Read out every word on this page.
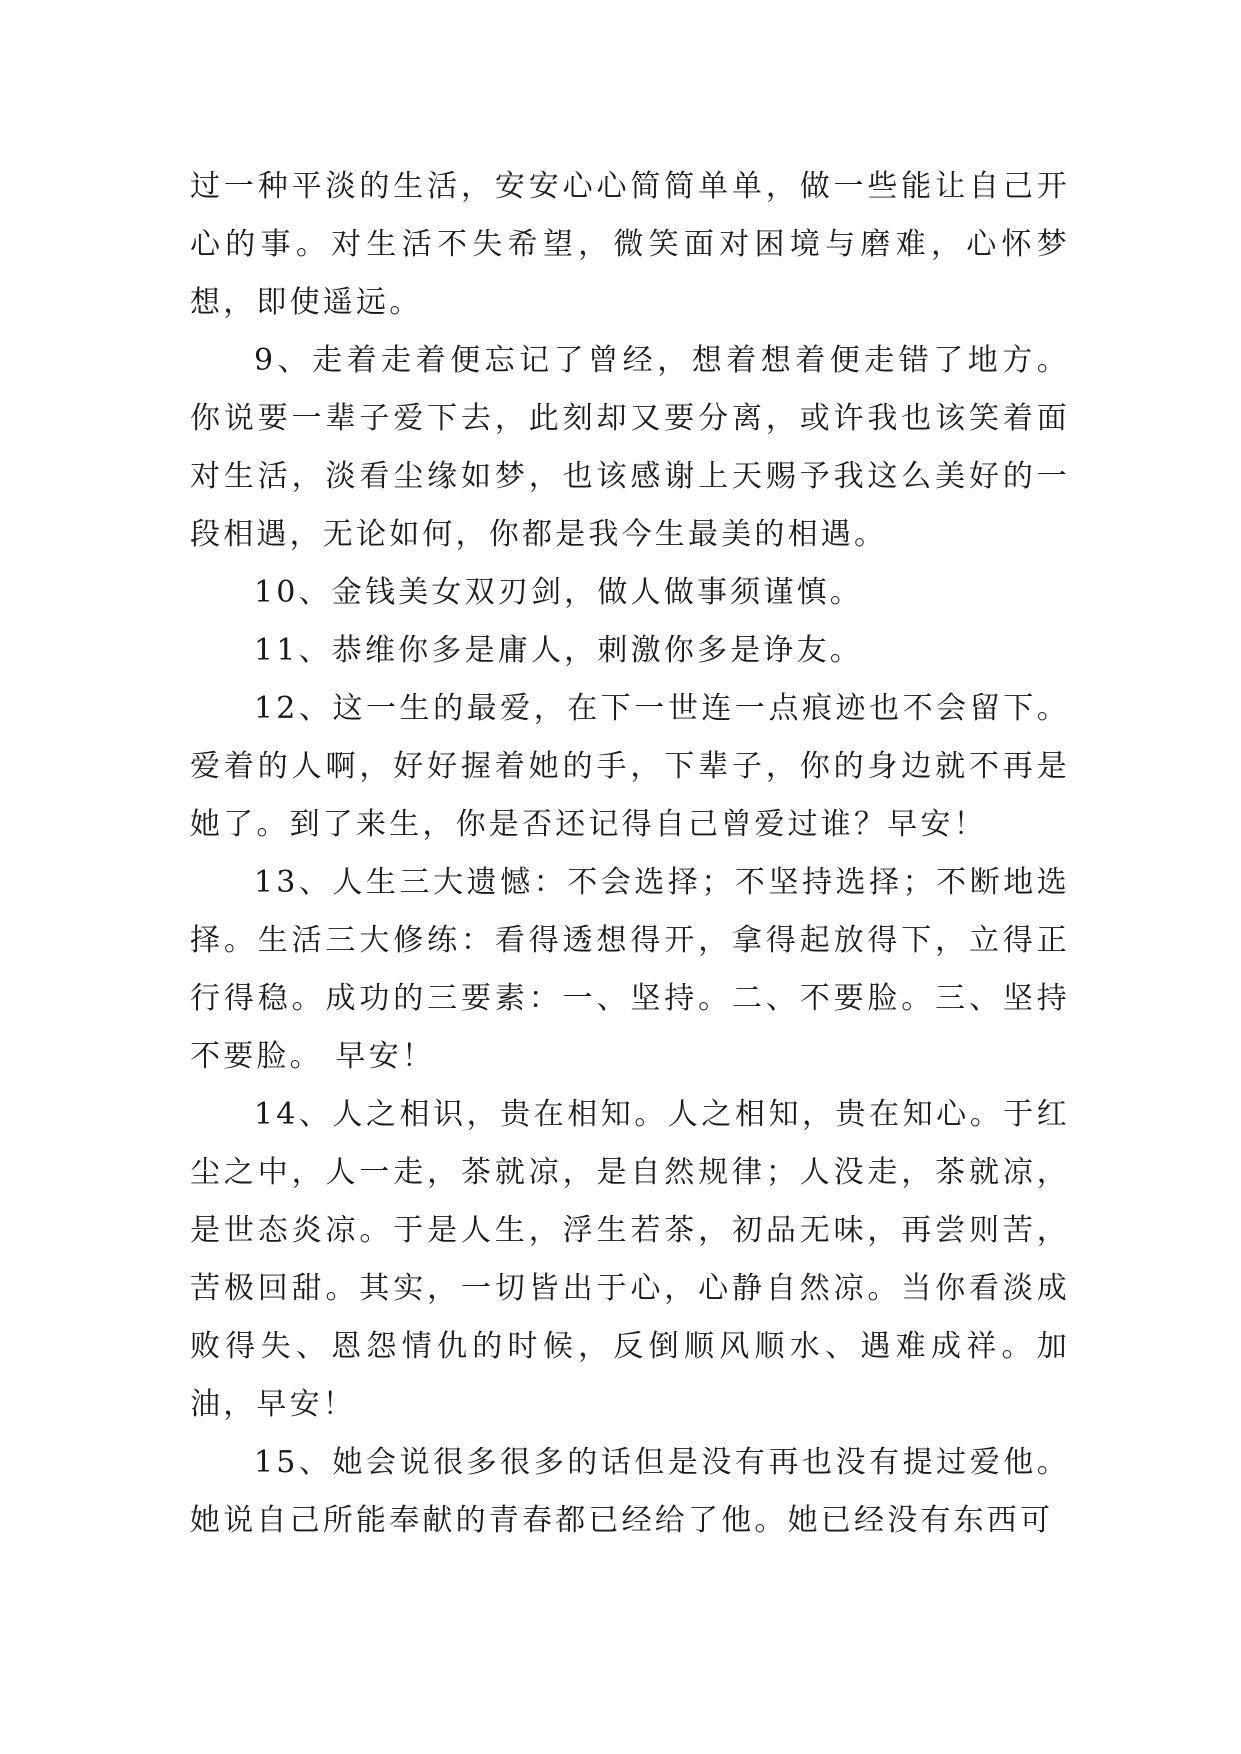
过一种平淡的生活，安安心心简简单单，做一些能让自己开心的事。对生活不失希望，微笑面对困境与磨难，心怀梦想，即使遥远。

9、走着走着便忘记了曾经，想着想着便走错了地方。你说要一辈子爱下去，此刻却又要分离，或许我也该笑着面对生活，淡看尘缘如梦，也该感谢上天赐予我这么美好的一段相遇，无论如何，你都是我今生最美的相遇。

10、金钱美女双刃剑，做人做事须谨慎。

11、恭维你多是庸人，刺激你多是诤友。

12、这一生的最爱，在下一世连一点痕迹也不会留下。爱着的人啊，好好握着她的手，下辈子，你的身边就不再是她了。到了来生，你是否还记得自己曾爱过谁？早安！

13、人生三大遗憾：不会选择；不坚持选择；不断地选择。生活三大修练：看得透想得开，拿得起放得下，立得正行得稳。成功的三要素：一、坚持。二、不要脸。三、坚持不要脸。 早安！

14、人之相识，贵在相知。人之相知，贵在知心。于红尘之中，人一走，茶就凉，是自然规律；人没走，茶就凉，是世态炎凉。于是人生，浮生若茶，初品无味，再尝则苦，苦极回甜。其实，一切皆出于心，心静自然凉。当你看淡成败得失、恩怨情仇的时候，反倒顺风顺水、遇难成祥。加油，早安！

15、她会说很多很多的话但是没有再也没有提过爱他。她说自己所能奉献的青春都已经给了他。她已经没有东西可
